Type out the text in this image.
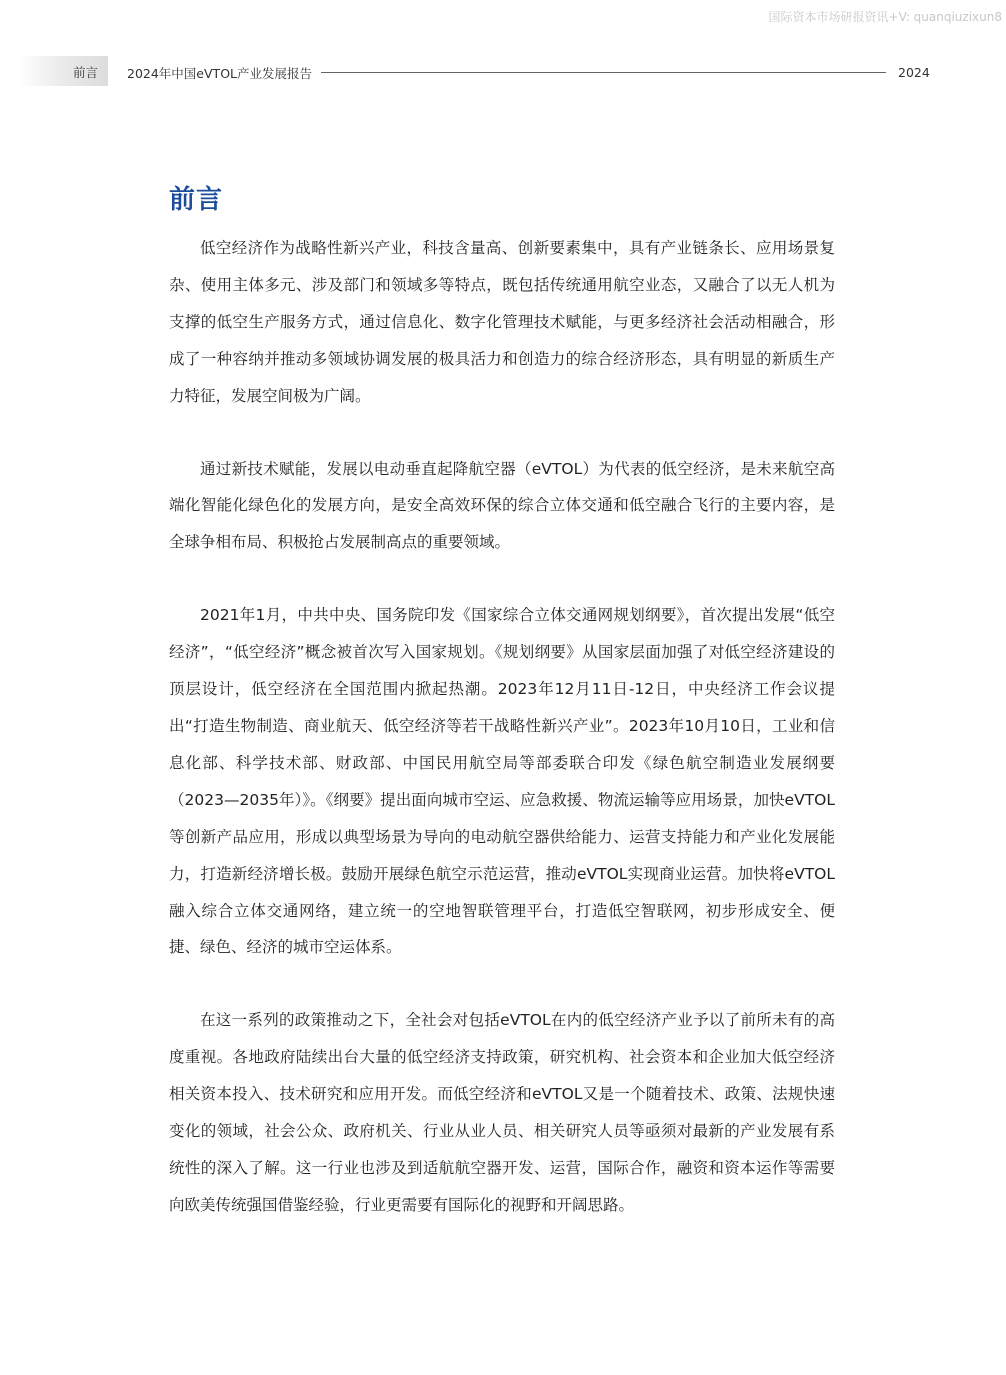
国际资本市场研报资讯+V: quanqiuzixun8
前言 2024年中国eVTOL产业发展报告	2024
前言

低空经济作为战略性新兴产业，科技含量高、创新要素集中，具有产业链条长、应用场景复杂、使用主体多元、涉及部门和领域多等特点，既包括传统通用航空业态，又融合了以无人机为支撑的低空生产服务方式，通过信息化、数字化管理技术赋能，与更多经济社会活动相融合，形成了一种容纳并推动多领域协调发展的极具活力和创造力的综合经济形态，具有明显的新质生产力特征，发展空间极为广阔。

通过新技术赋能，发展以电动垂直起降航空器（eVTOL）为代表的低空经济，是未来航空高端化智能化绿色化的发展方向，是安全高效环保的综合立体交通和低空融合飞行的主要内容，是全球争相布局、积极抢占发展制高点的重要领域。

2021年1月，中共中央、国务院印发《国家综合立体交通网规划纲要》，首次提出发展“低空经济”，“低空经济”概念被首次写入国家规划。《规划纲要》从国家层面加强了对低空经济建设的顶层设计，低空经济在全国范围内掀起热潮。2023年12月11日-12日，中央经济工作会议提出“打造生物制造、商业航天、低空经济等若干战略性新兴产业”。2023年10月10日，工业和信息化部、科学技术部、财政部、中国民用航空局等部委联合印发《绿色航空制造业发展纲要（2023—2035年）》。《纲要》提出面向城市空运、应急救援、物流运输等应用场景，加快eVTOL等创新产品应用，形成以典型场景为导向的电动航空器供给能力、运营支持能力和产业化发展能力，打造新经济增长极。鼓励开展绿色航空示范运营，推动eVTOL实现商业运营。加快将eVTOL融入综合立体交通网络，建立统一的空地智联管理平台，打造低空智联网，初步形成安全、便捷、绿色、经济的城市空运体系。

在这一系列的政策推动之下，全社会对包括eVTOL在内的低空经济产业予以了前所未有的高度重视。各地政府陆续出台大量的低空经济支持政策，研究机构、社会资本和企业加大低空经济相关资本投入、技术研究和应用开发。而低空经济和eVTOL又是一个随着技术、政策、法规快速变化的领域，社会公众、政府机关、行业从业人员、相关研究人员等亟须对最新的产业发展有系统性的深入了解。这一行业也涉及到适航航空器开发、运营，国际合作，融资和资本运作等需要向欧美传统强国借鉴经验，行业更需要有国际化的视野和开阔思路。
